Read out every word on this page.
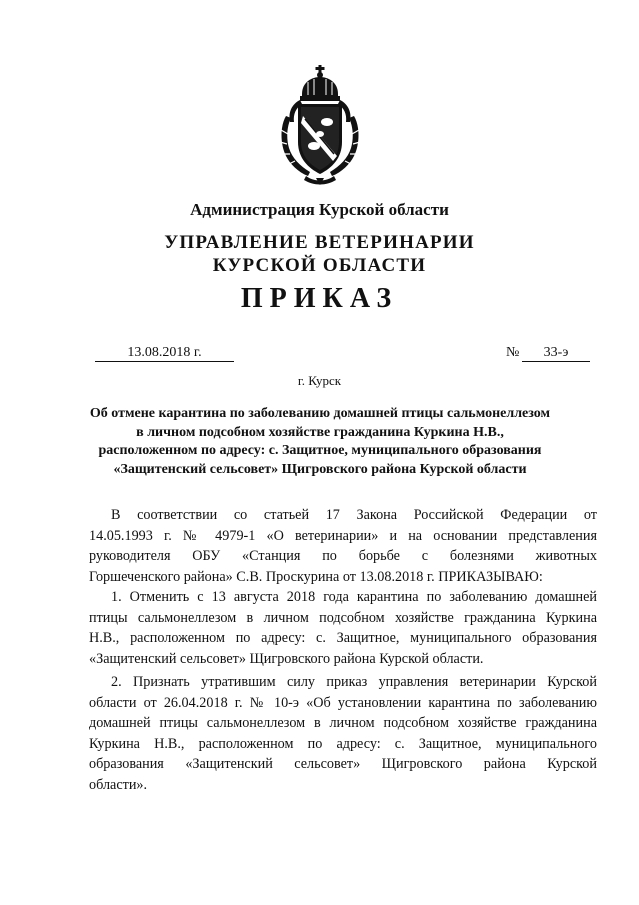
Администрация Курской области
УПРАВЛЕНИЕ ВЕТЕРИНАРИИ
КУРСКОЙ ОБЛАСТИ
ПРИКАЗ
13.08.2018 г.	№	33-э
г. Курск
Об отмене карантина по заболеванию домашней птицы сальмонеллезом
в личном подсобном хозяйстве гражданина Куркина Н.В.,
расположенном по адресу: с. Защитное, муниципального образования
«Защитенский сельсовет» Щигровского района Курской области
В соответствии со статьей 17 Закона Российской Федерации от
14.05.1993 г. № 4979-1 «О ветеринарии» и на основании представления
руководителя ОБУ «Станция по борьбе с болезнями животных
Горшеченского района» С.В. Проскурина от 13.08.2018 г. ПРИКАЗЫВАЮ:
1. Отменить с 13 августа 2018 года карантина по заболеванию домашней
птицы сальмонеллезом в личном подсобном хозяйстве гражданина Куркина
Н.В., расположенном по адресу: с. Защитное, муниципального образования
«Защитенский сельсовет» Щигровского района Курской области.
2. Признать утратившим силу приказ управления ветеринарии Курской
области от 26.04.2018 г. № 10-э «Об установлении карантина по заболеванию
домашней птицы сальмонеллезом в личном подсобном хозяйстве гражданина
Куркина Н.В., расположенном по адресу: с. Защитное, муниципального
образования «Защитенский сельсовет» Щигровского района Курской
области».
